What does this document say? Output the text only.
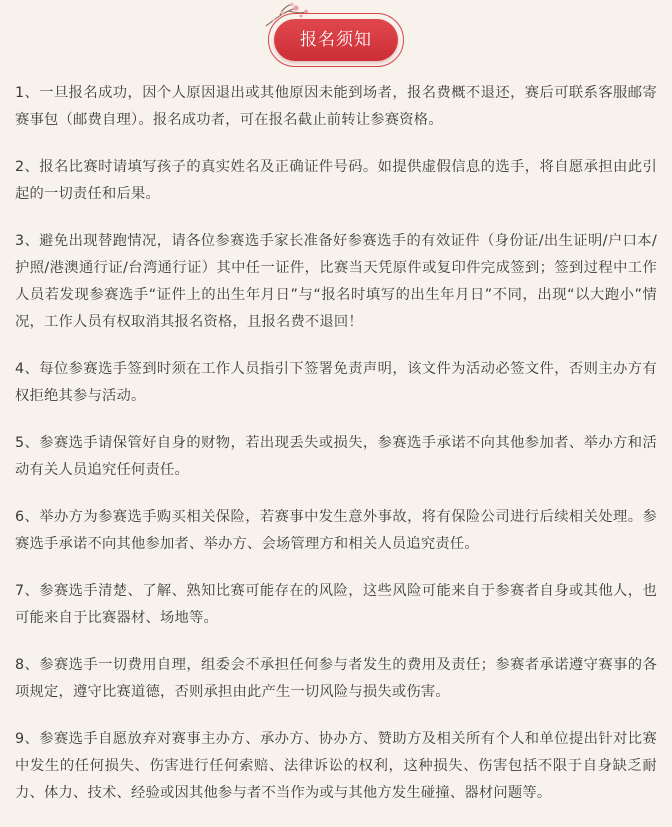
报名须知

1、一旦报名成功，因个人原因退出或其他原因未能到场者，报名费概不退还，赛后可联系客服邮寄赛事包（邮费自理）。报名成功者，可在报名截止前转让参赛资格。

2、报名比赛时请填写孩子的真实姓名及正确证件号码。如提供虚假信息的选手，将自愿承担由此引起的一切责任和后果。

3、避免出现替跑情况，请各位参赛选手家长准备好参赛选手的有效证件（身份证/出生证明/户口本/护照/港澳通行证/台湾通行证）其中任一证件，比赛当天凭原件或复印件完成签到；签到过程中工作人员若发现参赛选手“证件上的出生年月日”与“报名时填写的出生年月日”不同，出现“以大跑小”情况，工作人员有权取消其报名资格，且报名费不退回！

4、每位参赛选手签到时须在工作人员指引下签署免责声明，该文件为活动必签文件，否则主办方有权拒绝其参与活动。

5、参赛选手请保管好自身的财物，若出现丢失或损失，参赛选手承诺不向其他参加者、举办方和活动有关人员追究任何责任。

6、举办方为参赛选手购买相关保险，若赛事中发生意外事故，将有保险公司进行后续相关处理。参赛选手承诺不向其他参加者、举办方、会场管理方和相关人员追究责任。

7、参赛选手清楚、了解、熟知比赛可能存在的风险，这些风险可能来自于参赛者自身或其他人，也可能来自于比赛器材、场地等。

8、参赛选手一切费用自理，组委会不承担任何参与者发生的费用及责任；参赛者承诺遵守赛事的各项规定，遵守比赛道德，否则承担由此产生一切风险与损失或伤害。

9、参赛选手自愿放弃对赛事主办方、承办方、协办方、赞助方及相关所有个人和单位提出针对比赛中发生的任何损失、伤害进行任何索赔、法律诉讼的权利，这种损失、伤害包括不限于自身缺乏耐力、体力、技术、经验或因其他参与者不当作为或与其他方发生碰撞、器材问题等。
